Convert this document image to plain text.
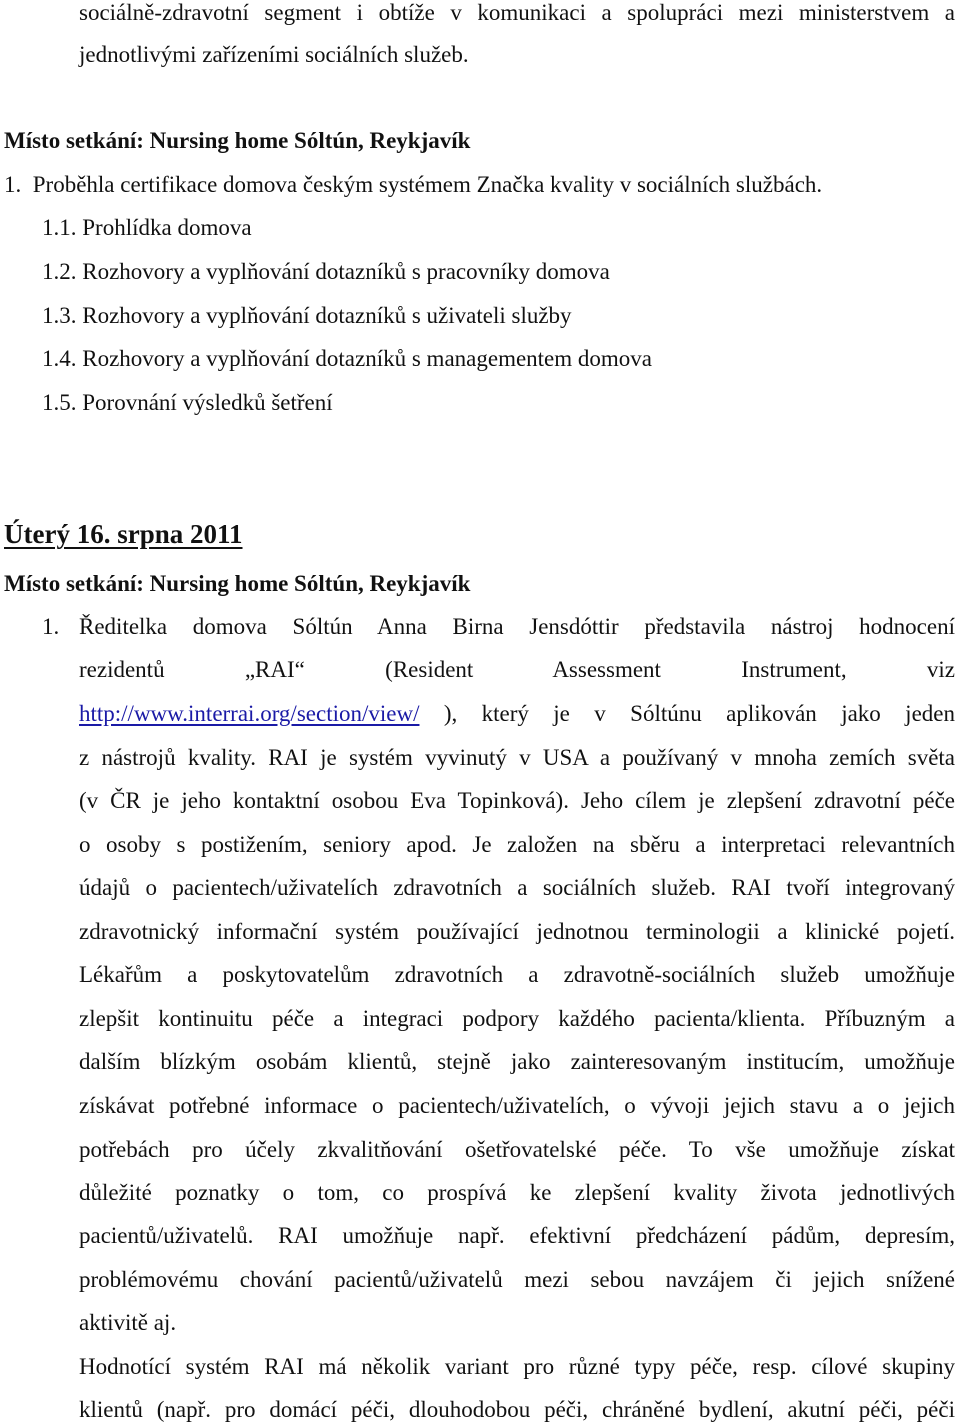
sociálně-zdravotní segment i obtíže v komunikaci a spolupráci mezi ministerstvem a
jednotlivými zařízeními sociálních služeb.
Místo setkání: Nursing home Sóltún, Reykjavík
1.  Proběhla certifikace domova českým systémem Značka kvality v sociálních službách.
1.1. Prohlídka domova
1.2. Rozhovory a vyplňování dotazníků s pracovníky domova
1.3. Rozhovory a vyplňování dotazníků s uživateli služby
1.4. Rozhovory a vyplňování dotazníků s managementem domova
1.5. Porovnání výsledků šetření
Úterý 16. srpna 2011
Místo setkání: Nursing home Sóltún, Reykjavík
1. Ředitelka domova Sóltún Anna Birna Jensdóttir představila nástroj hodnocení
rezidentů „RAI“ (Resident Assessment Instrument, viz
http://www.interrai.org/section/view/ ), který je v Sóltúnu aplikován jako jeden
z nástrojů kvality. RAI je systém vyvinutý v USA a používaný v mnoha zemích světa
(v ČR je jeho kontaktní osobou Eva Topinková). Jeho cílem je zlepšení zdravotní péče
o osoby s postižením, seniory apod. Je založen na sběru a interpretaci relevantních
údajů o pacientech/uživatelích zdravotních a sociálních služeb. RAI tvoří integrovaný
zdravotnický informační systém používající jednotnou terminologii a klinické pojetí.
Lékařům a poskytovatelům zdravotních a zdravotně-sociálních služeb umožňuje
zlepšit kontinuitu péče a integraci podpory každého pacienta/klienta. Příbuzným a
dalším blízkým osobám klientů, stejně jako zainteresovaným institucím, umožňuje
získávat potřebné informace o pacientech/uživatelích, o vývoji jejich stavu a o jejich
potřebách pro účely zkvalitňování ošetřovatelské péče. To vše umožňuje získat
důležité poznatky o tom, co prospívá ke zlepšení kvality života jednotlivých
pacientů/uživatelů. RAI umožňuje např. efektivní předcházení pádům, depresím,
problémovému chování pacientů/uživatelů mezi sebou navzájem či jejich snížené
aktivitě aj.
Hodnotící systém RAI má několik variant pro různé typy péče, resp. cílové skupiny
klientů (např. pro domácí péči, dlouhodobou péči, chráněné bydlení, akutní péči, péči
